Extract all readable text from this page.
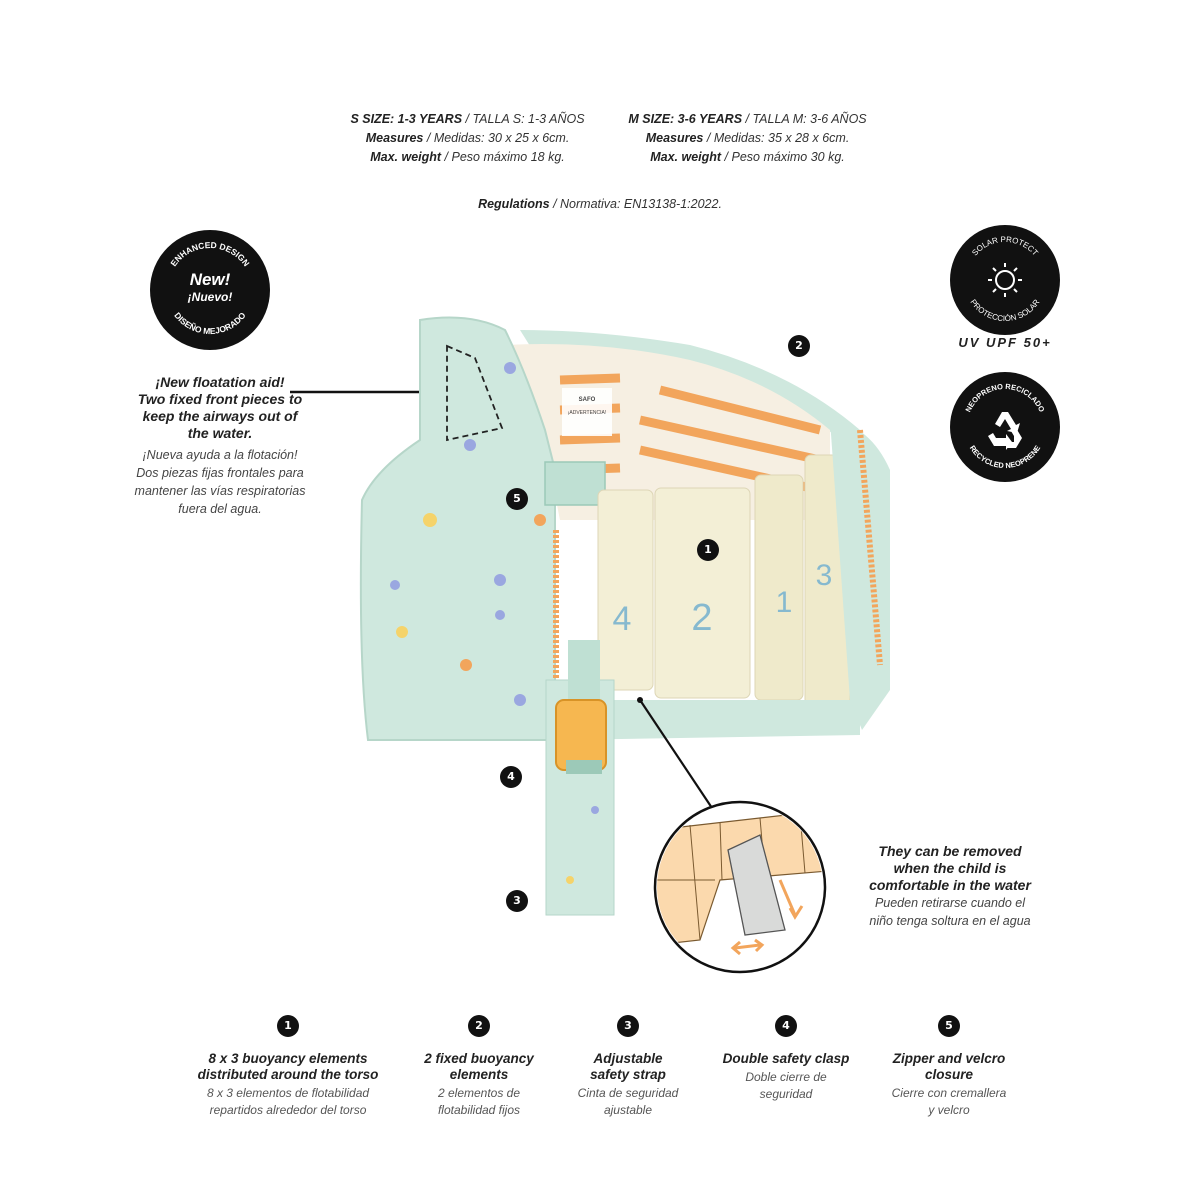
S SIZE: 1-3 YEARS / TALLA S: 1-3 AÑOS
Measures / Medidas: 30 x 25 x 6cm.
Max. weight / Peso máximo 18 kg.
M SIZE: 3-6 YEARS / TALLA M: 3-6 AÑOS
Measures / Medidas: 35 x 28 x 6cm.
Max. weight / Peso máximo 30 kg.
Regulations / Normativa: EN13138-1:2022.
ENHANCED DESIGN
DISEÑO MEJORADO
New!
¡Nuevo!
SOLAR PROTECT
PROTECCIÓN SOLAR
UV UPF 50+
NEOPRENO RECICLADO
RECYCLED NEOPRENE
¡New floatation aid!
Two fixed front pieces to
keep the airways out of
the water.
¡Nueva ayuda a la flotación!
Dos piezas fijas frontales para
mantener las vías respiratorias
fuera del agua.
They can be removed
when the child is
comfortable in the water
Pueden retirarse cuando el
niño tenga soltura en el agua
SAFO
¡ADVERTENCIA!
4 2 1
3
1
2
3
4
5
1
8 x 3 buoyancy elements
distributed around the torso
8 x 3 elementos de flotabilidad
repartidos alrededor del torso
2
2 fixed buoyancy
elements
2 elementos de
flotabilidad fijos
3
Adjustable
safety strap
Cinta de seguridad
ajustable
4
Double safety clasp
Doble cierre de
seguridad
5
Zipper and velcro
closure
Cierre con cremallera
y velcro
